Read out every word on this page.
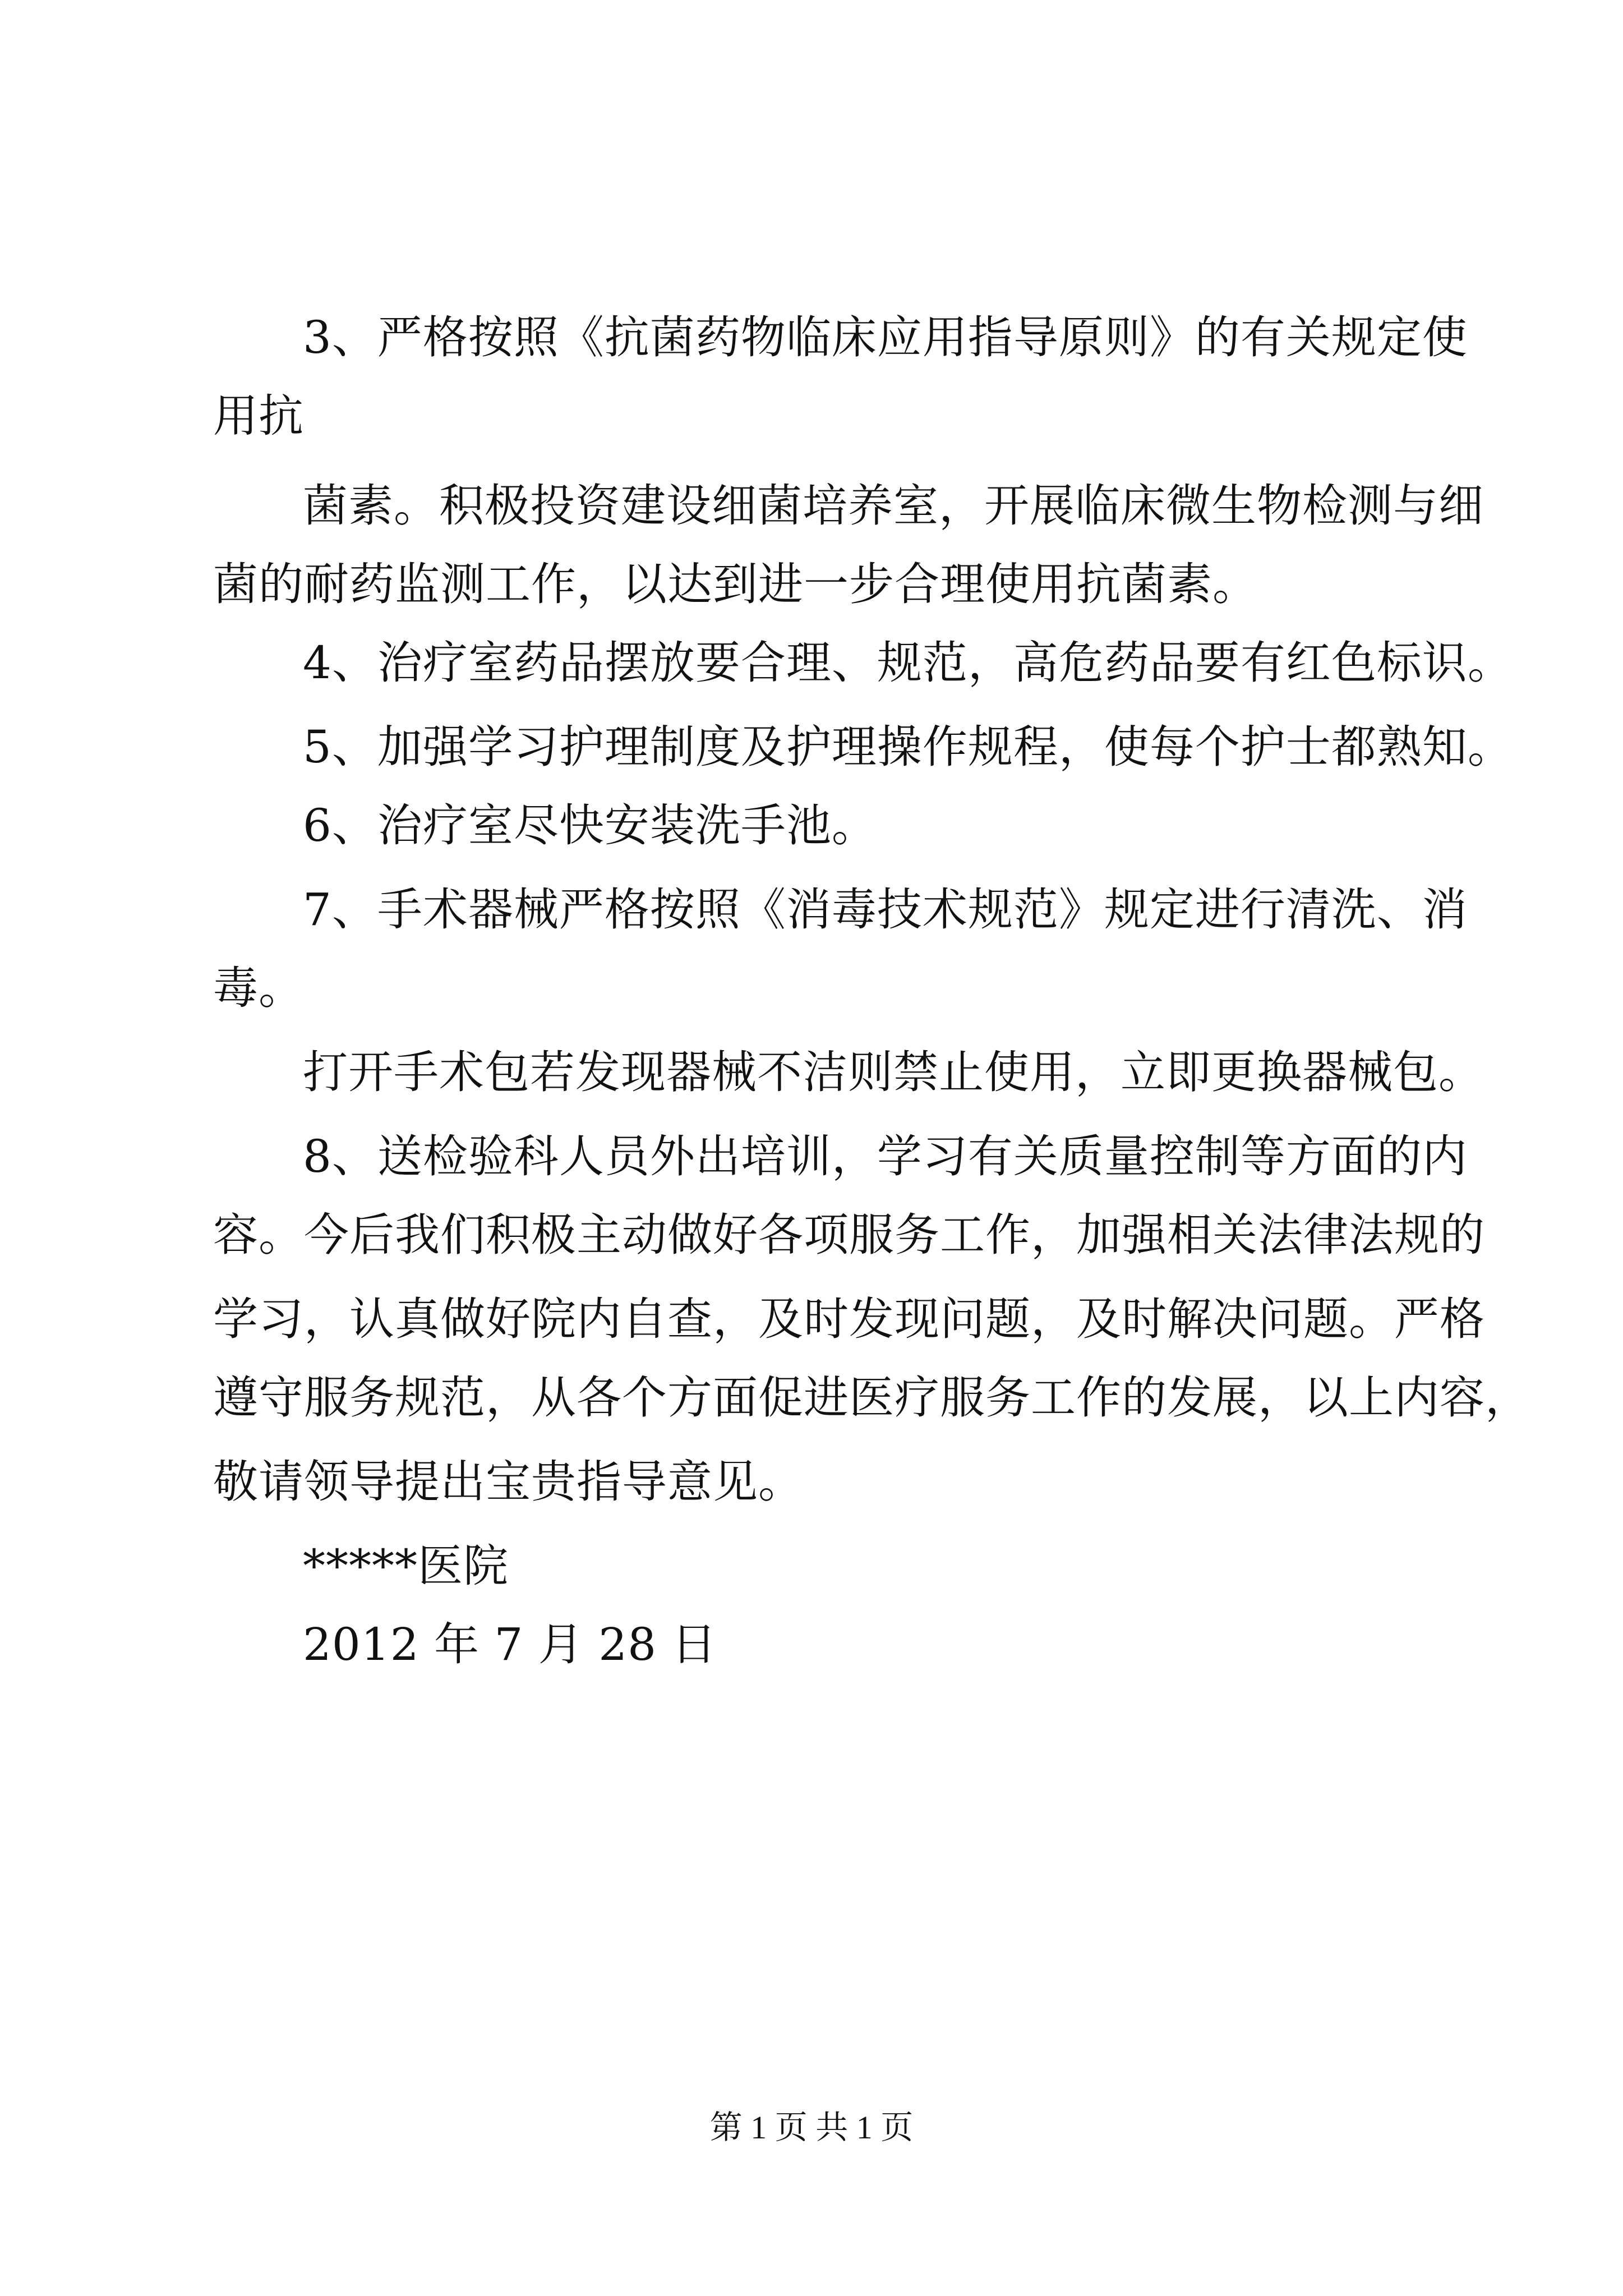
3、严格按照《抗菌药物临床应用指导原则》的有关规定使
用抗
菌素。积极投资建设细菌培养室，开展临床微生物检测与细
菌的耐药监测工作，以达到进一步合理使用抗菌素。
4、治疗室药品摆放要合理、规范，高危药品要有红色标识。
5、加强学习护理制度及护理操作规程，使每个护士都熟知。
6、治疗室尽快安装洗手池。
7、手术器械严格按照《消毒技术规范》规定进行清洗、消
毒。
打开手术包若发现器械不洁则禁止使用，立即更换器械包。
8、送检验科人员外出培训，学习有关质量控制等方面的内
容。今后我们积极主动做好各项服务工作，加强相关法律法规的
学习，认真做好院内自查，及时发现问题，及时解决问题。严格
遵守服务规范，从各个方面促进医疗服务工作的发展，以上内容，
敬请领导提出宝贵指导意见。
*****医院
2012 年 7 月 28 日
第 1 页 共 1 页
